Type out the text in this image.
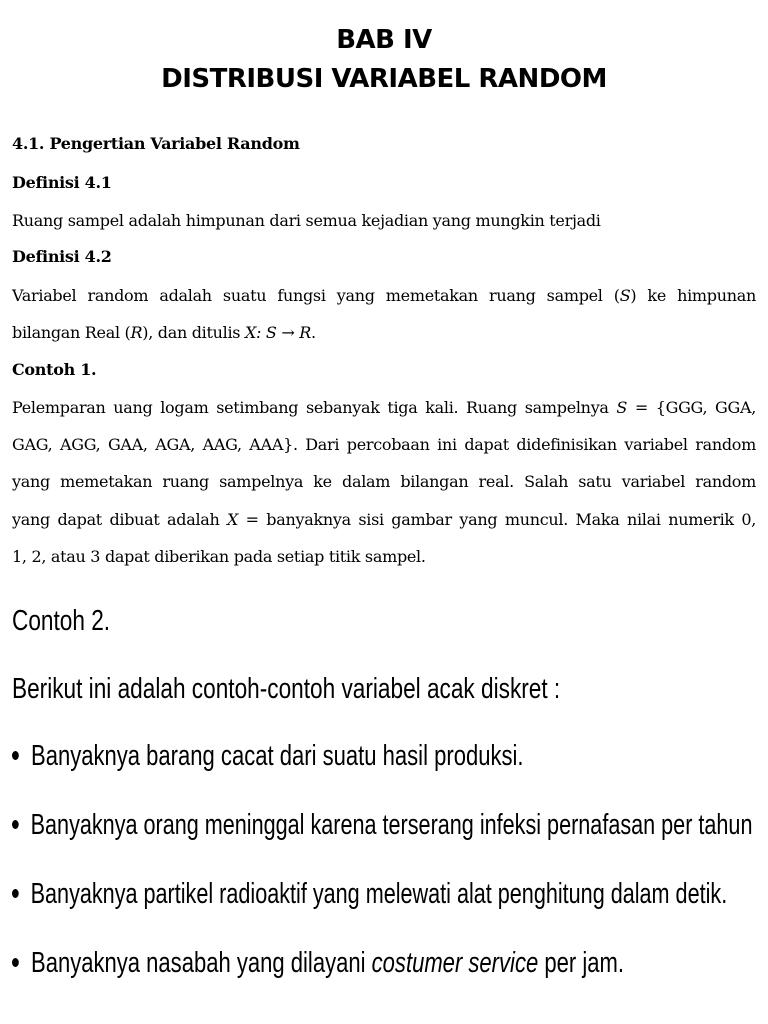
BAB IV
DISTRIBUSI VARIABEL RANDOM
4.1. Pengertian Variabel Random
Definisi 4.1
Ruang sampel adalah himpunan dari semua kejadian yang mungkin terjadi
Definisi 4.2
Variabel random adalah suatu fungsi yang memetakan ruang sampel (S) ke himpunan
bilangan Real (R), dan ditulis X: S → R.
Contoh 1.
Pelemparan uang logam setimbang sebanyak tiga kali. Ruang sampelnya S = {GGG, GGA,
GAG, AGG, GAA, AGA, AAG, AAA}. Dari percobaan ini dapat didefinisikan variabel random
yang memetakan ruang sampelnya ke dalam bilangan real. Salah satu variabel random
yang dapat dibuat adalah X = banyaknya sisi gambar yang muncul. Maka nilai numerik 0,
1, 2, atau 3 dapat diberikan pada setiap titik sampel.
Contoh 2.
Berikut ini adalah contoh-contoh variabel acak diskret :
Banyaknya barang cacat dari suatu hasil produksi.
Banyaknya orang meninggal karena terserang infeksi pernafasan per tahun
Banyaknya partikel radioaktif yang melewati alat penghitung dalam detik.
Banyaknya nasabah yang dilayani costumer service per jam.
